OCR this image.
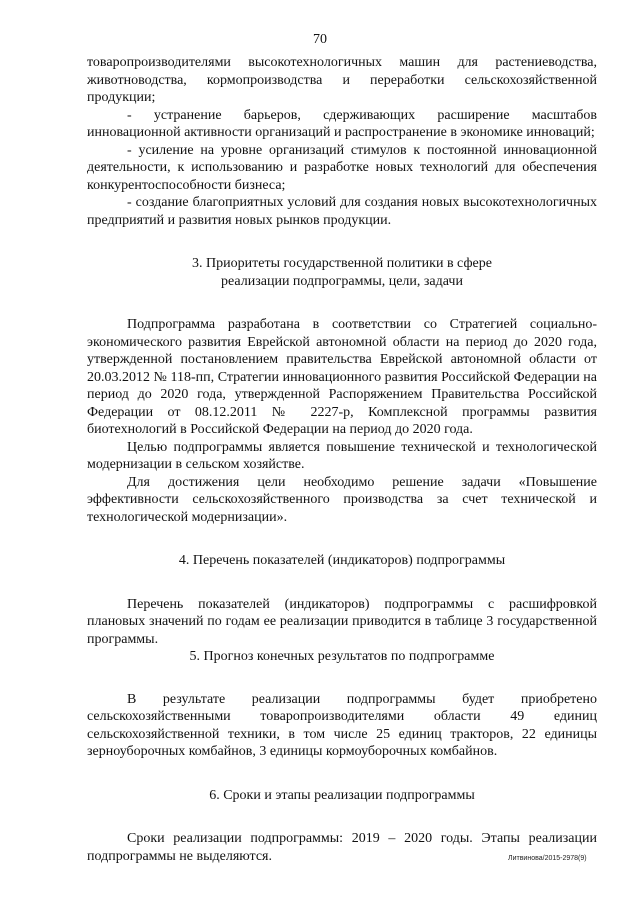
70

товаропроизводителями высокотехнологичных машин для растениеводства, животноводства, кормопроизводства и переработки сельскохозяйственной продукции;

- устранение барьеров, сдерживающих расширение масштабов инновационной активности организаций и распространение в экономике инноваций;

- усиление на уровне организаций стимулов к постоянной инновационной деятельности, к использованию и разработке новых технологий для обеспечения конкурентоспособности бизнеса;

- создание благоприятных условий для создания новых высокотехнологичных предприятий и развития новых рынков продукции.

3. Приоритеты государственной политики в сфере
реализации подпрограммы, цели, задачи

Подпрограмма разработана в соответствии со Стратегией социально-экономического развития Еврейской автономной области на период до 2020 года, утвержденной постановлением правительства Еврейской автономной области от 20.03.2012 № 118-пп, Стратегии инновационного развития Российской Федерации на период до 2020 года, утвержденной Распоряжением Правительства Российской Федерации от 08.12.2011 № 2227-р, Комплексной программы развития биотехнологий в Российской Федерации на период до 2020 года.

Целью подпрограммы является повышение технической и технологической модернизации в сельском хозяйстве.

Для достижения цели необходимо решение задачи «Повышение эффективности сельскохозяйственного производства за счет технической и технологической модернизации».

4. Перечень показателей (индикаторов) подпрограммы

Перечень показателей (индикаторов) подпрограммы с расшифровкой плановых значений по годам ее реализации приводится в таблице 3 государственной программы.

5. Прогноз конечных результатов по подпрограмме

В результате реализации подпрограммы будет приобретено сельскохозяйственными товаропроизводителями области 49 единиц сельскохозяйственной техники, в том числе 25 единиц тракторов, 22 единицы зерноуборочных комбайнов, 3 единицы кормоуборочных комбайнов.

6. Сроки и этапы реализации подпрограммы

Сроки реализации подпрограммы: 2019 – 2020 годы. Этапы реализации подпрограммы не выделяются.	Литвинова/2015-2978(9)
